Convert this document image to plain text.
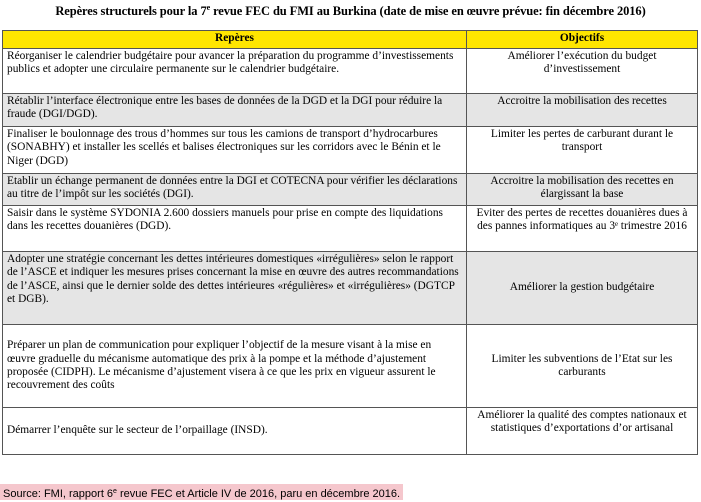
Repères structurels pour la 7e revue FEC du FMI au Burkina (date de mise en œuvre prévue: fin décembre 2016)
Repères	Objectifs
Réorganiser le calendrier budgétaire pour avancer la préparation du programme d’investissements publics et adopter une circulaire permanente sur le calendrier budgétaire.	Améliorer l’exécution du budget d’investissement
Rétablir l’interface électronique entre les bases de données de la DGD et la DGI pour réduire la fraude (DGI/DGD).	Accroitre la mobilisation des recettes
Finaliser le boulonnage des trous d’hommes sur tous les camions de transport d’hydrocarbures (SONABHY) et installer les scellés et balises électroniques sur les corridors avec le Bénin et le Niger (DGD)	Limiter les pertes de carburant durant le transport
Etablir un échange permanent de données entre la DGI et COTECNA pour vérifier les déclarations au titre de l’impôt sur les sociétés (DGI).	Accroitre la mobilisation des recettes en élargissant la base
Saisir dans le système SYDONIA 2.600 dossiers manuels pour prise en compte des liquidations dans les recettes douanières (DGD).	Eviter des pertes de recettes douanières dues à des pannes informatiques au 3ᵉ trimestre 2016
Adopter une stratégie concernant les dettes intérieures domestiques «irrégulières» selon le rapport de l’ASCE et indiquer les mesures prises concernant la mise en œuvre des autres recommandations de l’ASCE, ainsi que le dernier solde des dettes intérieures «régulières» et «irrégulières» (DGTCP et DGB).	Améliorer la gestion budgétaire
Préparer un plan de communication pour expliquer l’objectif de la mesure visant à la mise en œuvre graduelle du mécanisme automatique des prix à la pompe et la méthode d’ajustement proposée (CIDPH). Le mécanisme d’ajustement visera à ce que les prix en vigueur assurent le recouvrement des coûts	Limiter les subventions de l’Etat sur les carburants
Démarrer l’enquête sur le secteur de l’orpaillage (INSD).	Améliorer la qualité des comptes nationaux et statistiques d’exportations d’or artisanal
Source: FMI, rapport 6e revue FEC et Article IV de 2016, paru en décembre 2016.
